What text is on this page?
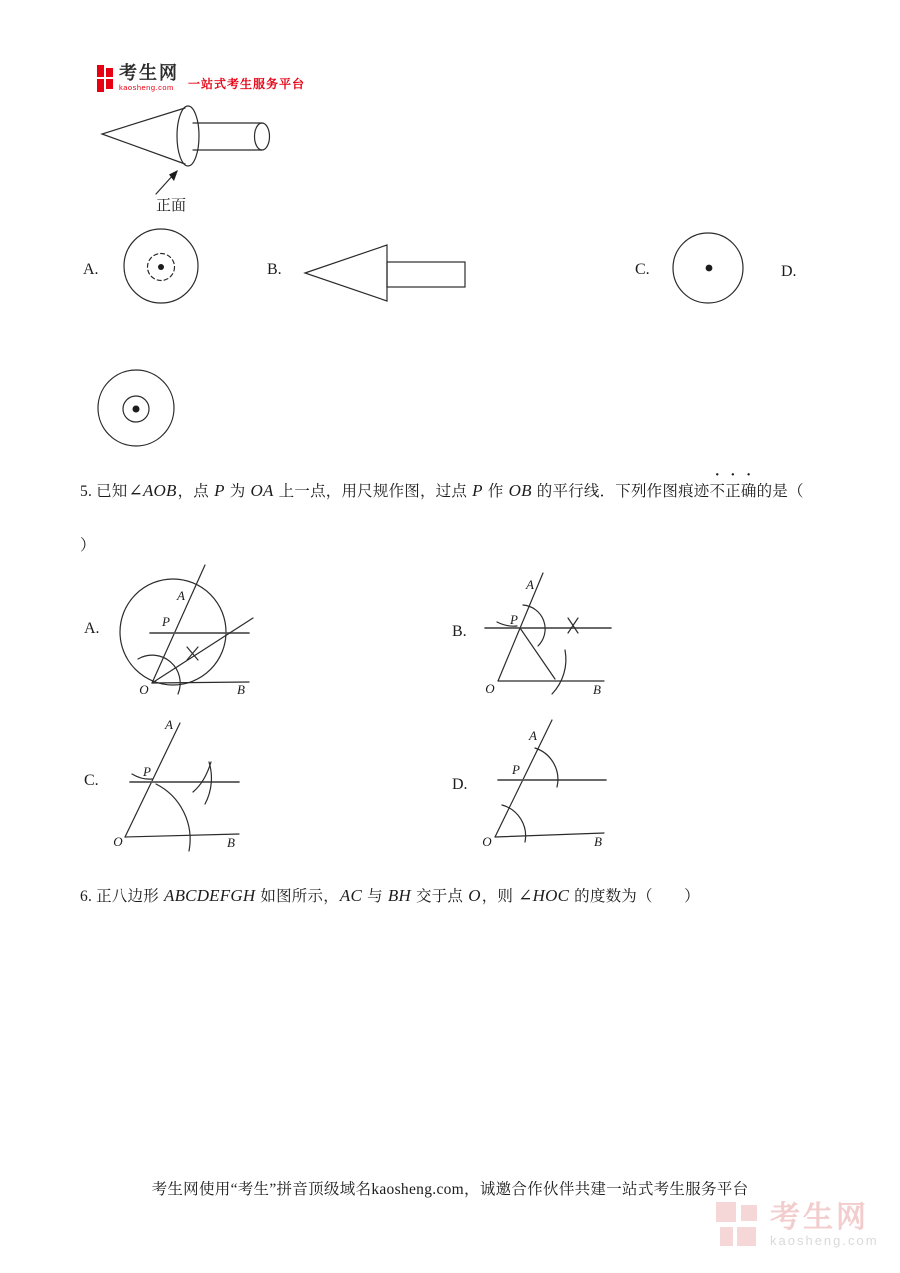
考生网
kaosheng.com	一站式考生服务平台
正面
A.	B.	C.	D.
5. 已知∠AOB，点 P 为 OA 上一点，用尺规作图，过点 P 作 OB 的平行线．下列作图痕迹不正确的是（
）
A.
A
P
O	B
B.
A
P
O	B
C.
A
P
O	B
D.
A
P
O	B
6. 正八边形 ABCDEFGH 如图所示，AC 与 BH 交于点 O，则 ∠HOC 的度数为（　　）
考生网使用“考生”拼音顶级域名kaosheng.com，诚邀合作伙伴共建一站式考生服务平台
考生网
kaosheng.com
